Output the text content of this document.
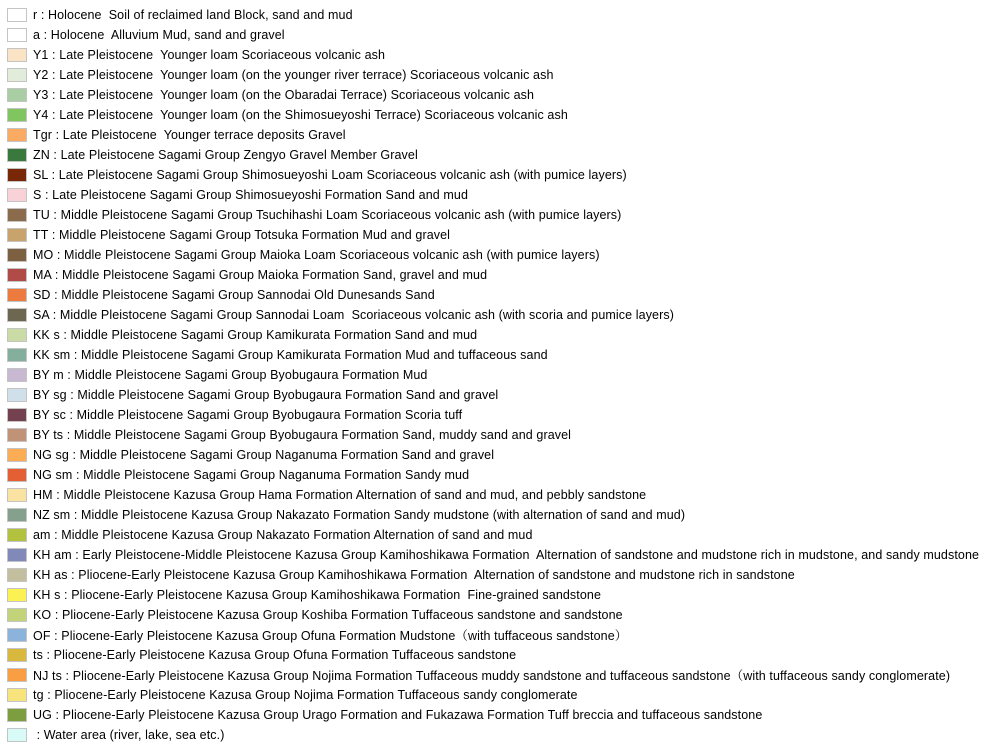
r : Holocene  Soil of reclaimed land Block, sand and mud
a : Holocene  Alluvium Mud, sand and gravel
Y1 : Late Pleistocene  Younger loam Scoriaceous volcanic ash
Y2 : Late Pleistocene  Younger loam (on the younger river terrace) Scoriaceous volcanic ash
Y3 : Late Pleistocene  Younger loam (on the Obaradai Terrace) Scoriaceous volcanic ash
Y4 : Late Pleistocene  Younger loam (on the Shimosueyoshi Terrace) Scoriaceous volcanic ash
Tgr : Late Pleistocene  Younger terrace deposits Gravel
ZN : Late Pleistocene Sagami Group Zengyo Gravel Member Gravel
SL : Late Pleistocene Sagami Group Shimosueyoshi Loam Scoriaceous volcanic ash (with pumice layers)
S : Late Pleistocene Sagami Group Shimosueyoshi Formation Sand and mud
TU : Middle Pleistocene Sagami Group Tsuchihashi Loam Scoriaceous volcanic ash (with pumice layers)
TT : Middle Pleistocene Sagami Group Totsuka Formation Mud and gravel
MO : Middle Pleistocene Sagami Group Maioka Loam Scoriaceous volcanic ash (with pumice layers)
MA : Middle Pleistocene Sagami Group Maioka Formation Sand, gravel and mud
SD : Middle Pleistocene Sagami Group Sannodai Old Dunesands Sand
SA : Middle Pleistocene Sagami Group Sannodai Loam  Scoriaceous volcanic ash (with scoria and pumice layers)
KK s : Middle Pleistocene Sagami Group Kamikurata Formation Sand and mud
KK sm : Middle Pleistocene Sagami Group Kamikurata Formation Mud and tuffaceous sand
BY m : Middle Pleistocene Sagami Group Byobugaura Formation Mud
BY sg : Middle Pleistocene Sagami Group Byobugaura Formation Sand and gravel
BY sc : Middle Pleistocene Sagami Group Byobugaura Formation Scoria tuff
BY ts : Middle Pleistocene Sagami Group Byobugaura Formation Sand, muddy sand and gravel
NG sg : Middle Pleistocene Sagami Group Naganuma Formation Sand and gravel
NG sm : Middle Pleistocene Sagami Group Naganuma Formation Sandy mud
HM : Middle Pleistocene Kazusa Group Hama Formation Alternation of sand and mud, and pebbly sandstone
NZ sm : Middle Pleistocene Kazusa Group Nakazato Formation Sandy mudstone (with alternation of sand and mud)
am : Middle Pleistocene Kazusa Group Nakazato Formation Alternation of sand and mud
KH am : Early Pleistocene-Middle Pleistocene Kazusa Group Kamihoshikawa Formation  Alternation of sandstone and mudstone rich in mudstone, and sandy mudstone
KH as : Pliocene-Early Pleistocene Kazusa Group Kamihoshikawa Formation  Alternation of sandstone and mudstone rich in sandstone
KH s : Pliocene-Early Pleistocene Kazusa Group Kamihoshikawa Formation  Fine-grained sandstone
KO : Pliocene-Early Pleistocene Kazusa Group Koshiba Formation Tuffaceous sandstone and sandstone
OF : Pliocene-Early Pleistocene Kazusa Group Ofuna Formation Mudstone（with tuffaceous sandstone）
ts : Pliocene-Early Pleistocene Kazusa Group Ofuna Formation Tuffaceous sandstone
NJ ts : Pliocene-Early Pleistocene Kazusa Group Nojima Formation Tuffaceous muddy sandstone and tuffaceous sandstone（with tuffaceous sandy conglomerate)
tg : Pliocene-Early Pleistocene Kazusa Group Nojima Formation Tuffaceous sandy conglomerate
UG : Pliocene-Early Pleistocene Kazusa Group Urago Formation and Fukazawa Formation Tuff breccia and tuffaceous sandstone
: Water area (river, lake, sea etc.)
